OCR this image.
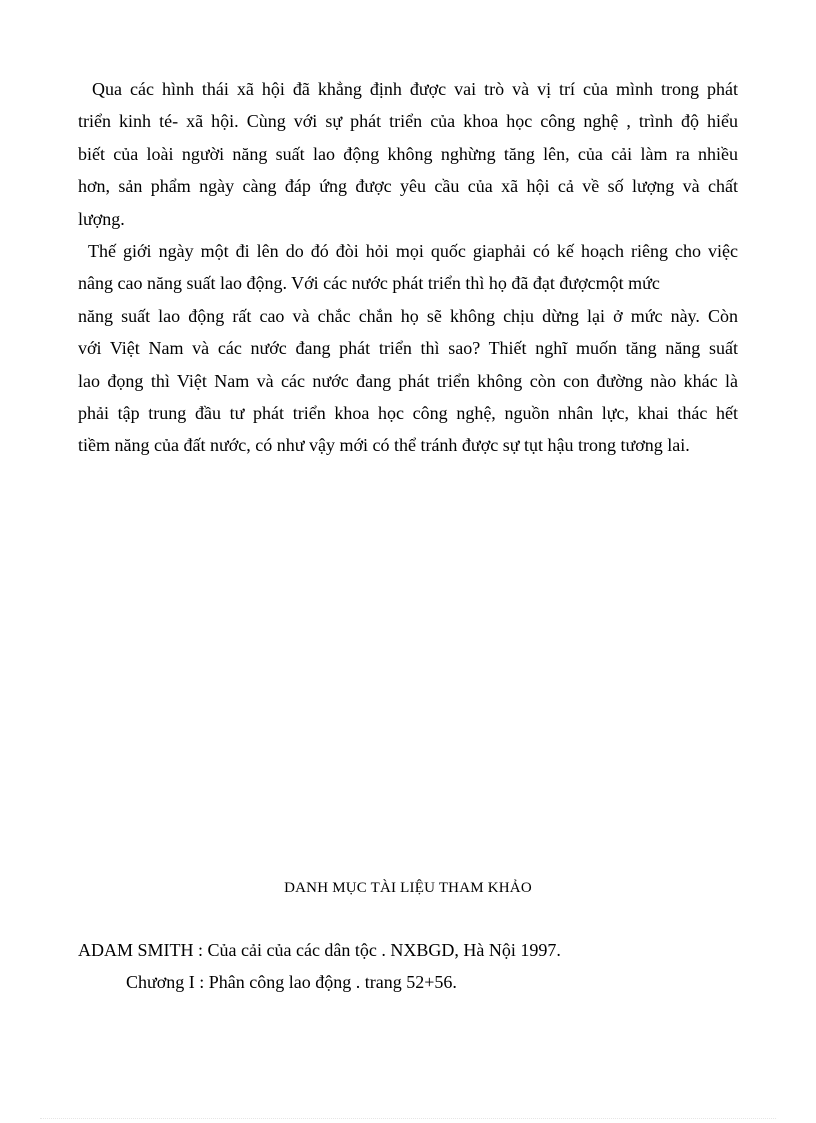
Qua các hình thái xã hội đã khẳng định được vai trò và vị trí của mình trong phát
triển kinh té- xã hội. Cùng với sự phát triển của khoa học công nghệ , trình độ hiểu
biết của loài người năng suất lao động không nghừng tăng lên, của cải làm ra nhiều
hơn, sản phẩm ngày càng đáp ứng được yêu cầu của xã hội cả về số lượng và chất
lượng.
Thế giới ngày một đi lên do đó đòi hỏi mọi quốc giaphải có kế hoạch riêng cho việc
nâng cao năng suất lao động. Với các nước phát triển thì họ đã đạt đượcmột mức
năng suất lao động rất cao và chắc chắn họ sẽ không chịu dừng lại ở mức này. Còn
với Việt Nam và các nước đang phát triển thì sao? Thiết nghĩ muốn tăng năng suất
lao đọng thì Việt Nam và các nước đang phát triển không còn con đường nào khác là
phải tập trung đầu tư phát triển khoa học công nghệ, nguồn nhân lực, khai thác hết
tiềm năng của đất nước, có như vậy mới có thể tránh được sự tụt hậu trong tương lai.
DANH MỤC TÀI LIỆU THAM KHẢO
ADAM SMITH : Của cải của các dân tộc . NXBGD, Hà Nội 1997.
Chương I : Phân công lao động . trang 52+56.
